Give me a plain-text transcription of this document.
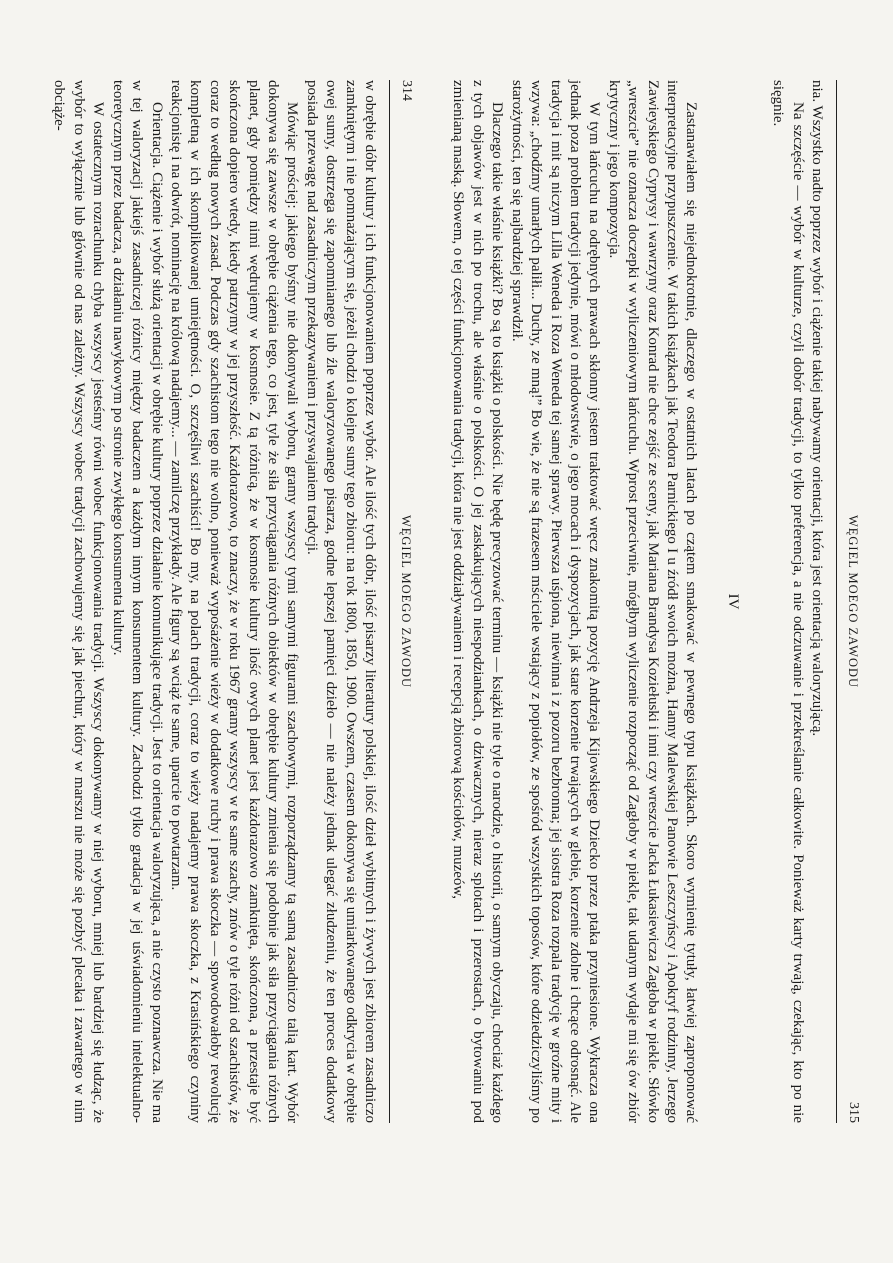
314
WĘGIEL MOEGO ZAWODU

w obrębie dóbr kultury i ich funkcjonowaniem poprzez wybór. Ale ilość tych dóbr, ilość pisarzy literatury polskiej, ilość dzieł wybitnych i żywych jest zbiorem zasadniczo zamkniętym i nie pomnażającym się, jeżeli chodzi o kolejne sumy tego zbioru: na rok 1800, 1850, 1900. Owszem, czasem dokonywa się umiarkowanego odkrycia w obrębie owej sumy, dostrzega się zapomnianego lub źle waloryzowanego pisarza, godne lepszej pamięci dzieło — nie należy jednak ulegać złudzeniu, że ten proces dodatkowy posiada przewagę nad zasadniczym przekazywaniem i przyswajaniem tradycji.

Mówiąc prościej: jakiego byśmy nie dokonywali wyboru, gramy wszyscy tymi samymi figurami szachowymi, rozporządzamy tą samą zasadniczo talią kart. Wybór dokonywa się zawsze w obrębie ciążenia tego, co jest, tyle że siła przyciągania różnych obiektów w obrębie kultury zmienia się podobnie jak siła przyciągania różnych planet, gdy pomiędzy nimi wędrujemy w kosmosie. Z tą różnicą, że w kosmosie kultury ilość owych planet jest każdorazowo zamknięta, skończona, a przestaje być skończona dopiero wtedy, kiedy patrzymy w jej przyszłość. Każdorazowo, to znaczy, że w roku 1967 gramy wszyscy w te same szachy, znów o tyle różni od szachistów, że coraz to według nowych zasad. Podczas gdy szachistom tego nie wolno, ponieważ wypośażenie wieży w dodatkowe ruchy i prawa skoczka — spowodowałoby rewolucję kompletną w ich skomplikowanej umiejętności. O, szczęśliwi szachiści! Bo my, na polach tradycji, coraz to wieży nadajemy prawa skoczka, z Krasińskiego czyniny reakcjonistę i na odwrót, nominację na królową nadajemy... — zamilczę przykłady. Ale figury są wciąż te same, uparcie to powtarzam.

Orientacja. Ciążenie i wybór służą orientacji w obrębie kultury poprzez działanie komunikujące tradycji. Jest to orientacja waloryzująca, a nie czysto poznawcza. Nie ma w tej waloryzacji jakiejś zasadniczej różnicy między badaczem a każdym innym konsumentem kultury. Zachodzi tylko gradacja w jej uświadomieniu intelektualno-teoretycznym przez badacza, a działaniu nawykowym po stronie zwykłego konsumenta kultury.

W ostatecznym rozrachunku chyba wszyscy jesteśmy równi wobec funkcjonowania tradycji. Wszyscy dokonywamy w niej wyboru, mniej lub bardziej się łudząc, że wybór to wyłącznie lub głównie od nas zależny. Wszyscy wobec tradycji zachowujemy się jak piechur, który w marszu nie może się pozbyć plecaka i zawartego w nim obciąże-

WĘGIEL MOEGO ZAWODU
315

nia. Wszystko nadto poprzez wybór i ciążenie takiej nabywamy orientacji, która jest orientacją waloryzującą.

Na szczęście — wybór w kulturze, czyli dobór tradycji, to tylko preferencja, a nie odczuwanie i przekreślanie całkowite. Ponieważ karty trwają, czekając, kto po nie sięgnie.

IV

Zastanawiałem się niejednokrotnie, dlaczego w ostatnich latach po czątem smakować w pewnego typu książkach. Skoro wymienię tytuły, łatwiej zaproponować interpretacyjne przypuszczenie. W takich książkach jak Teodora Parnickiego I u źródł swoich można, Hanny Malewskiej Panowie Leszczyńscy i Apokryf rodzinny, Jerzego Zawieyskiego Cyprysy i wawrzyny oraz Konrad nie chce zejść ze sceny, jak Mariana Brandysa Koziełuski i inni czy wreszcie Jacka Łukasiewicza Zagłoba w piekle. Słówko „wreszcie” nie oznacza doczepki w wyliczeniowym łańcuchu. Wprost przeciwnie, mógłbym wyliczenie rozpocząć od Zagłoby w piekle, tak udanym wydaje mi się ów zbiór krytyczny i jego kompozycja.

W tym łańcuchu na odrębnych prawach skłonny jestem traktować wręcz znakomitą pozycję Andrzeja Kijowskiego Dziecko przez ptaka przyniesione. Wykracza ona jednak poza problem tradycji jedynie, mówi o młodowstwie, o jego mocach i dyspozycjach, jak stare korzenie trwających w glebie, korzenie zdolne i chcące odrosnąć. Ale tradycja i mit są niczym Lilla Weneda i Roza Weneda tej samej sprawy. Pierwsza uśpiona, niewinna i z pozoru bezbronna; jej siostra Roza rozpala tradycję w groźne mity i wzywa: „chodźmy umarłych paliłi... Duchy, ze mną!” Bo wie, że nie są frazesem mściciele wstający z popiołów, ze spośród wszystkich toposów, które odziedziczyliśmy po starożytności, ten się najbardziej sprawdził.

Dlaczego takie właśnie książki? Bo są to książki o polskości. Nie będę precyzować terminu — książki nie tyle o narodzie, o historii, o samym obyczaju, chociaż każdego z tych objawów jest w nich po trochu, ale właśnie o polskości. O jej zaskakujących niespodziankach, o dziwacznych, nieraz splotach i przerostach, o bytowaniu pod zmienianą maską. Słowem, o tej części funkcjonowania tradycji, która nie jest oddziaływaniem i recepcją zbiorową kościołów, muzeów,
